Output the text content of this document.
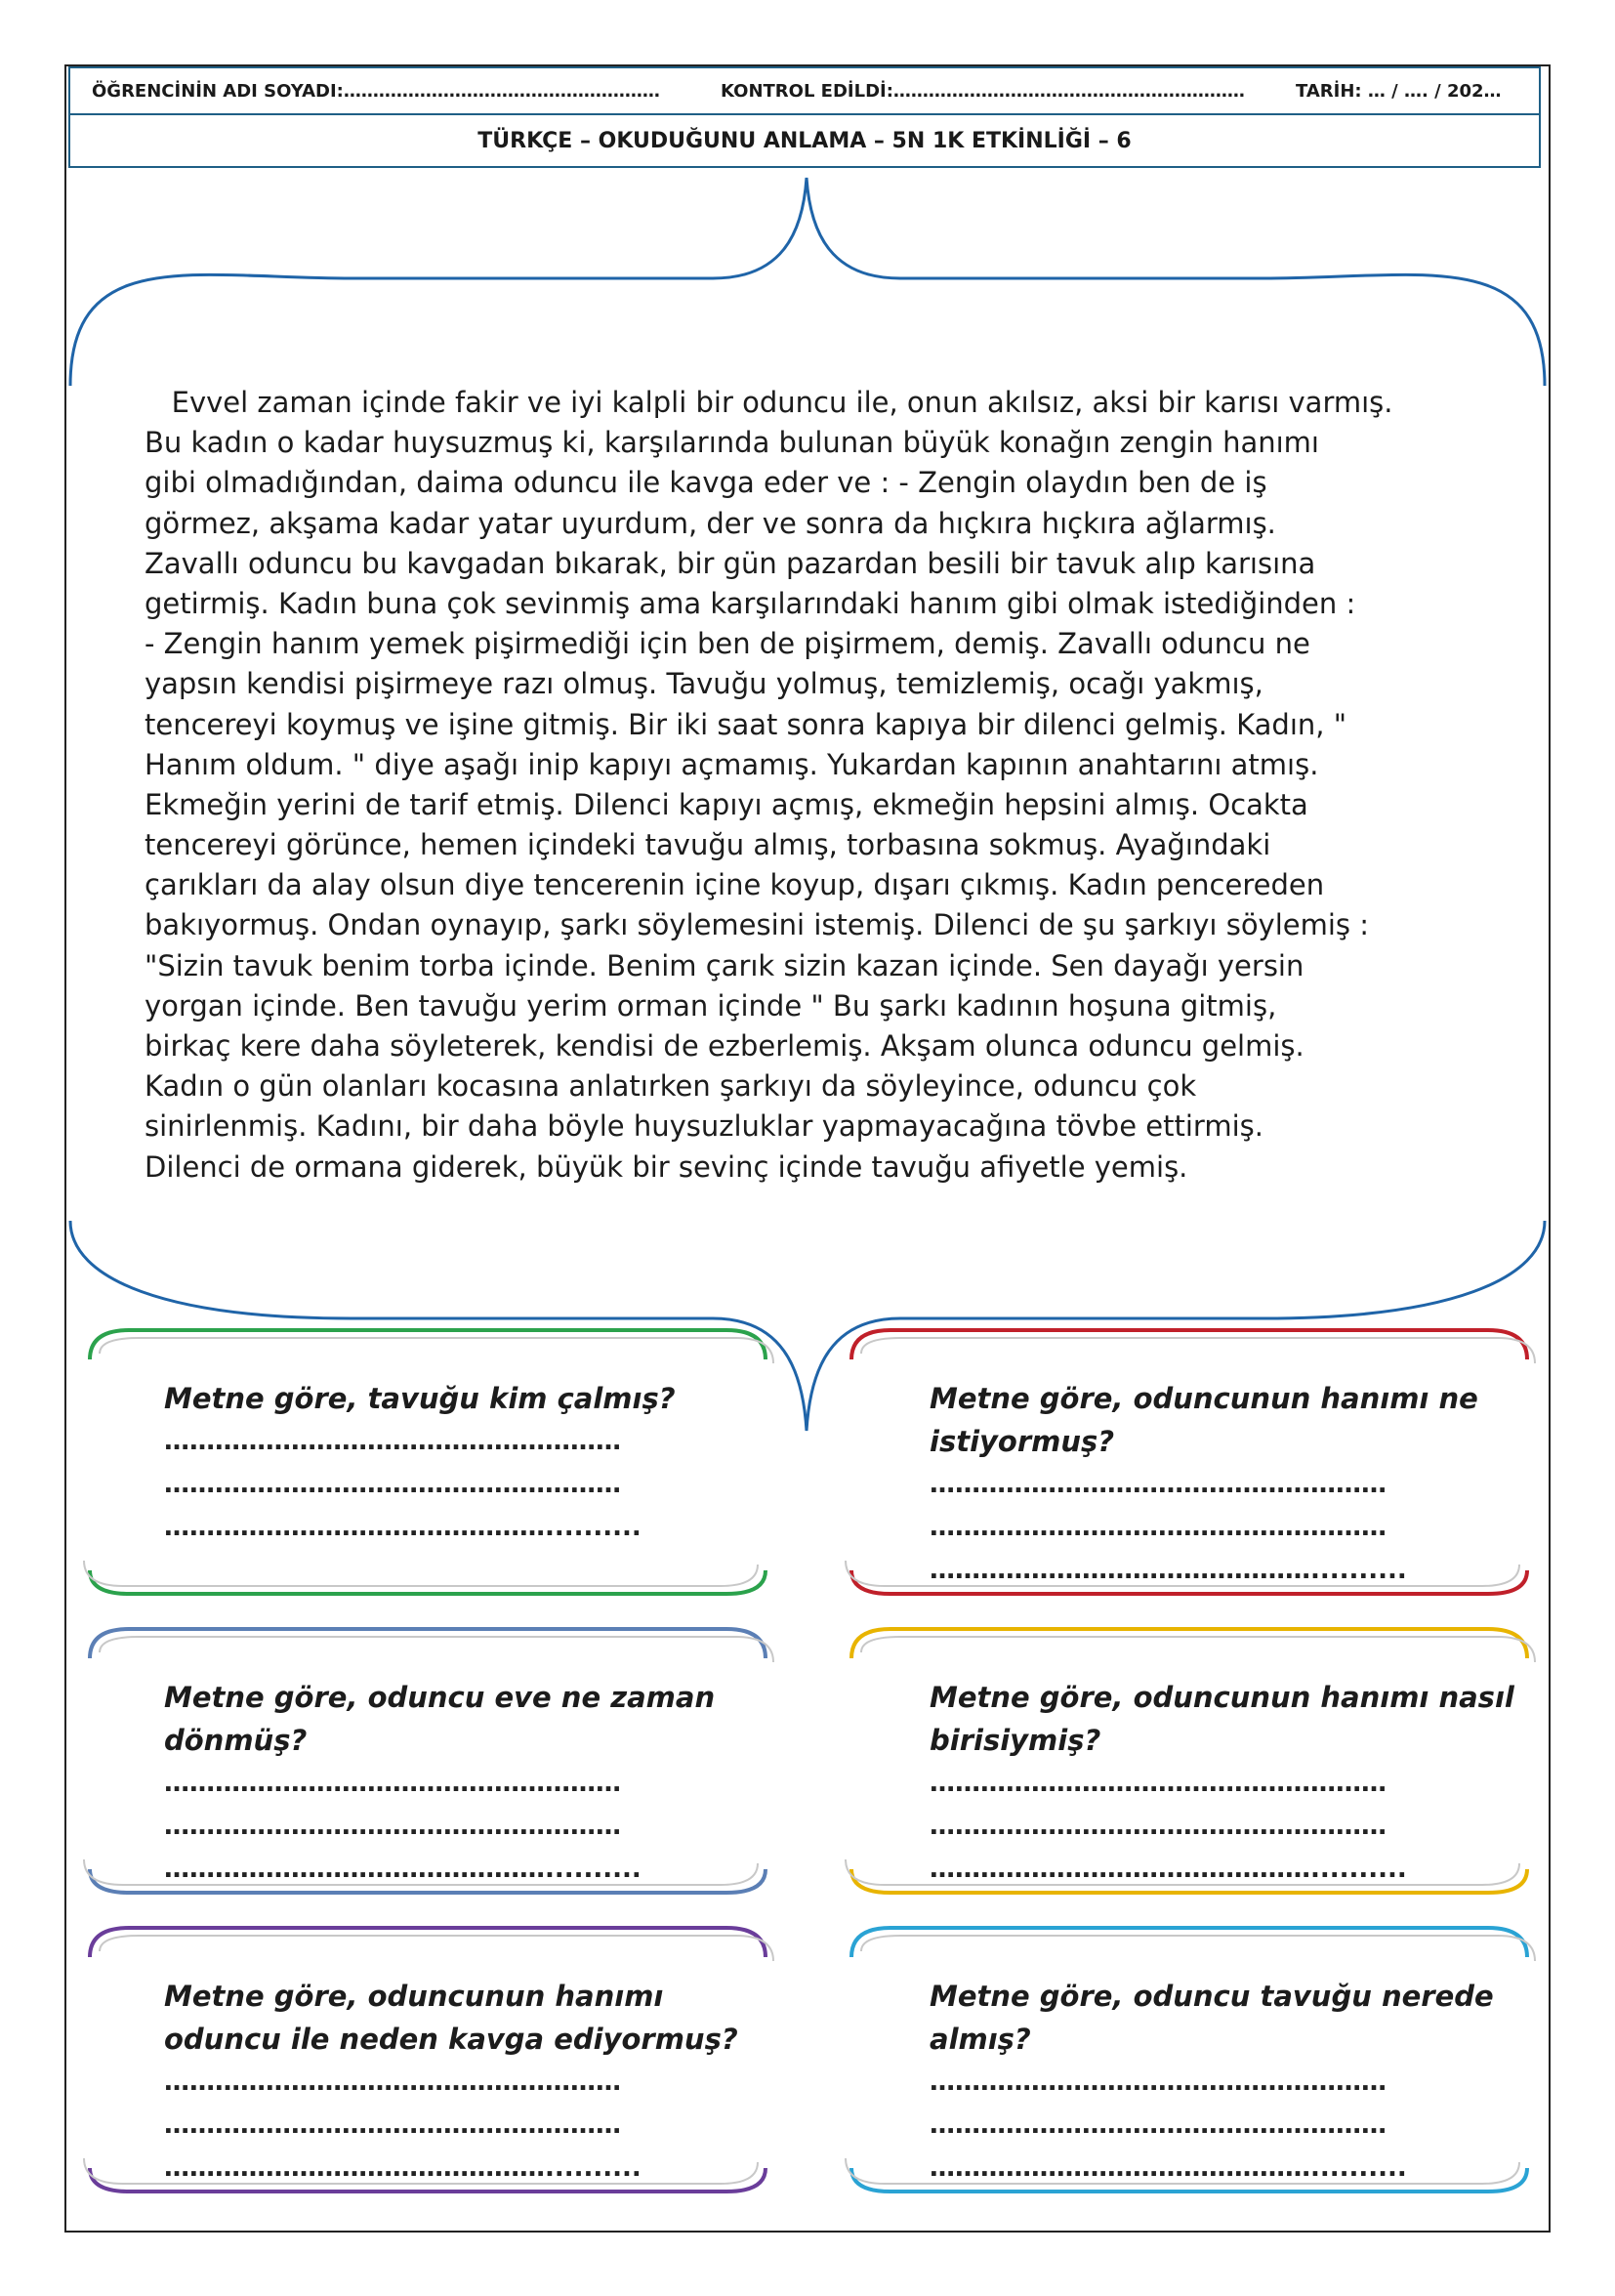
ÖĞRENCİNİN ADI SOYADI:………………………………………………	KONTROL EDİLDİ:……………………………………………………	TARİH: … / …. / 202…
TÜRKÇE – OKUDUĞUNU ANLAMA – 5N 1K ETKİNLİĞİ – 6
Evvel zaman içinde fakir ve iyi kalpli bir oduncu ile, onun akılsız, aksi bir karısı varmış.
Bu kadın o kadar huysuzmuş ki, karşılarında bulunan büyük konağın zengin hanımı
gibi olmadığından, daima oduncu ile kavga eder ve : - Zengin olaydın ben de iş
görmez, akşama kadar yatar uyurdum, der ve sonra da hıçkıra hıçkıra ağlarmış.
Zavallı oduncu bu kavgadan bıkarak, bir gün pazardan besili bir tavuk alıp karısına
getirmiş. Kadın buna çok sevinmiş ama karşılarındaki hanım gibi olmak istediğinden :
- Zengin hanım yemek pişirmediği için ben de pişirmem, demiş. Zavallı oduncu ne
yapsın kendisi pişirmeye razı olmuş. Tavuğu yolmuş, temizlemiş, ocağı yakmış,
tencereyi koymuş ve işine gitmiş. Bir iki saat sonra kapıya bir dilenci gelmiş. Kadın, "
Hanım oldum. " diye aşağı inip kapıyı açmamış. Yukardan kapının anahtarını atmış.
Ekmeğin yerini de tarif etmiş. Dilenci kapıyı açmış, ekmeğin hepsini almış. Ocakta
tencereyi görünce, hemen içindeki tavuğu almış, torbasına sokmuş. Ayağındaki
çarıkları da alay olsun diye tencerenin içine koyup, dışarı çıkmış. Kadın pencereden
bakıyormuş. Ondan oynayıp, şarkı söylemesini istemiş. Dilenci de şu şarkıyı söylemiş :
"Sizin tavuk benim torba içinde. Benim çarık sizin kazan içinde. Sen dayağı yersin
yorgan içinde. Ben tavuğu yerim orman içinde " Bu şarkı kadının hoşuna gitmiş,
birkaç kere daha söyleterek, kendisi de ezberlemiş. Akşam olunca oduncu gelmiş.
Kadın o gün olanları kocasına anlatırken şarkıyı da söyleyince, oduncu çok
sinirlenmiş. Kadını, bir daha böyle huysuzluklar yapmayacağına tövbe ettirmiş.
Dilenci de ormana giderek, büyük bir sevinç içinde tavuğu afiyetle yemiş.
Metne göre, tavuğu kim çalmış?
………………………………………………
………………………………………………
………………………………………..........
Metne göre, oduncunun hanımı ne
istiyormuş?
………………………………………………
………………………………………………
………………………………………..........
Metne göre, oduncu eve ne zaman
dönmüş?
………………………………………………
………………………………………………
………………………………………..........
Metne göre, oduncunun hanımı nasıl
birisiymiş?
………………………………………………
………………………………………………
………………………………………..........
Metne göre, oduncunun hanımı
oduncu ile neden kavga ediyormuş?
………………………………………………
………………………………………………
………………………………………..........
Metne göre, oduncu tavuğu nerede
almış?
………………………………………………
………………………………………………
………………………………………..........
